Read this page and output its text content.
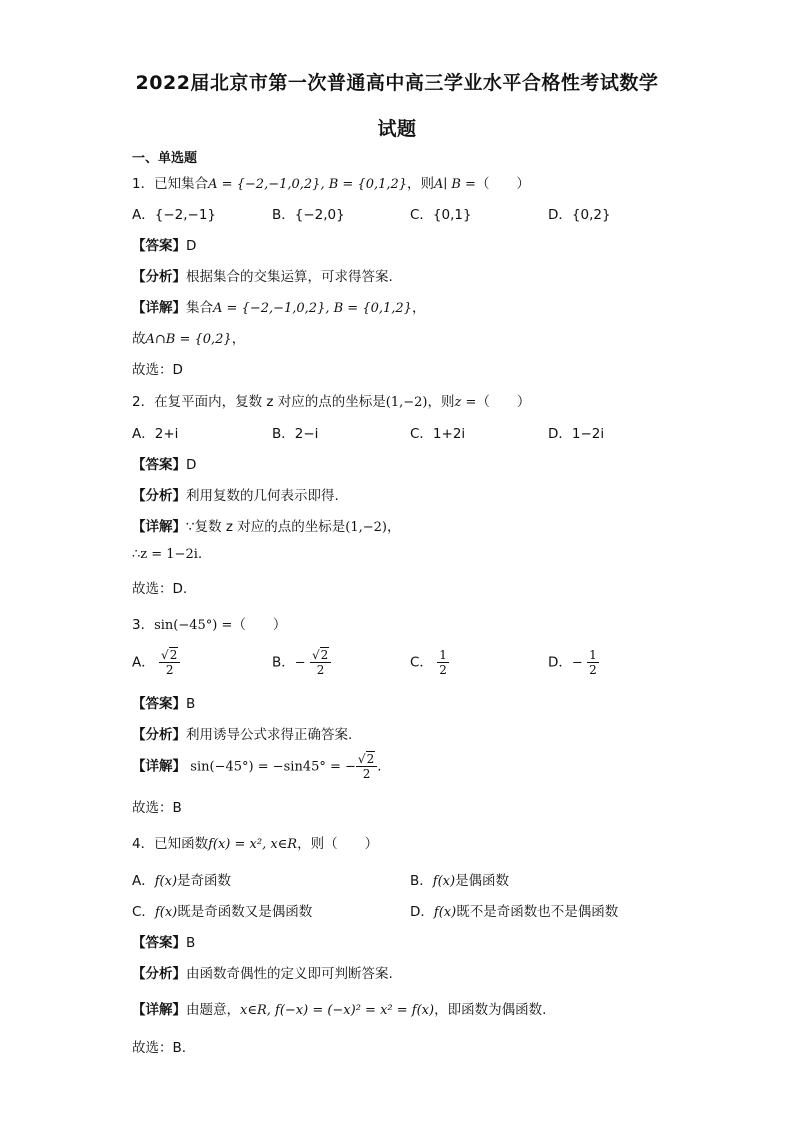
2022届北京市第一次普通高中高三学业水平合格性考试数学
试题
一、单选题
1．已知集合A = {−2,−1,0,2}, B = {0,1,2}，则A∣ B =（　　）
A．{−2,−1}	B．{−2,0}	C．{0,1}	D．{0,2}
【答案】D
【分析】根据集合的交集运算，可求得答案.
【详解】集合A = {−2,−1,0,2}, B = {0,1,2}，
故A∩B = {0,2}，
故选：D
2．在复平面内，复数 z 对应的点的坐标是(1,−2)，则z =（　　）
A．2+i	B．2−i	C．1+2i	D．1−2i
【答案】D
【分析】利用复数的几何表示即得.
【详解】∵复数 z 对应的点的坐标是(1,−2)，
∴z = 1−2i.
故选：D.
3．sin(−45°) =（　　）
A． $\frac{√2}{2}$	B．− $\frac{√2}{2}$	C． $\frac{1}{2}$	D．− $\frac{1}{2}$
【答案】B
【分析】利用诱导公式求得正确答案.
【详解】 sin(−45°) = −sin45° = − $\frac{√2}{2}$ .
故选：B
4．已知函数f(x) = x², x∈R，则（　　）
A．f(x)是奇函数	B．f(x)是偶函数
C．f(x)既是奇函数又是偶函数	D．f(x)既不是奇函数也不是偶函数
【答案】B
【分析】由函数奇偶性的定义即可判断答案.
【详解】由题意，x∈R, f(−x) = (−x)² = x² = f(x)，即函数为偶函数.
故选：B.
